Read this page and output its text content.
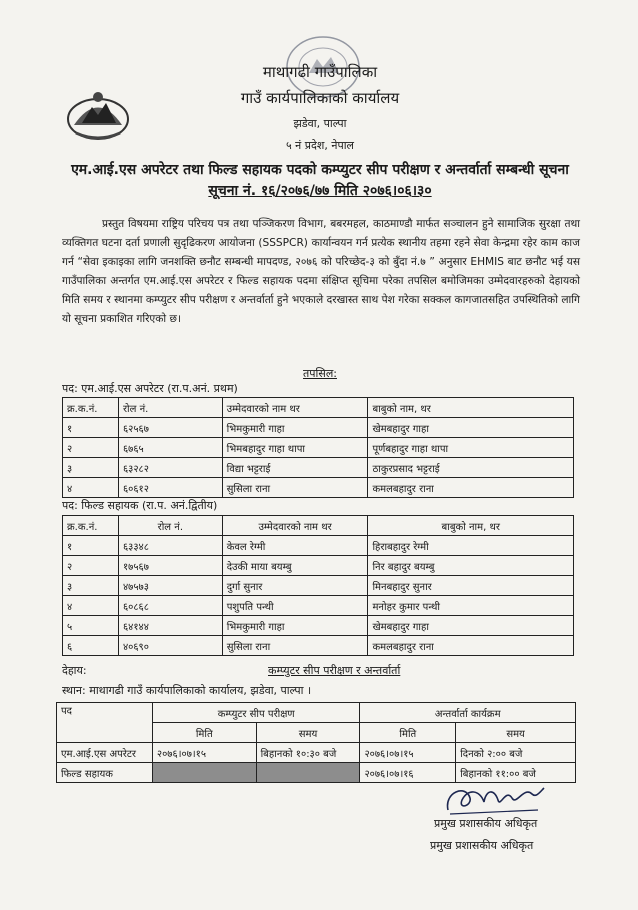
माथागढी गाउँपालिका
गाउँ कार्यपालिकाको कार्यालय
झडेवा, पाल्पा
५ नं प्रदेश, नेपाल
एम.आई.एस अपरेटर तथा फिल्ड सहायक पदको कम्प्युटर सीप परीक्षण र अन्तर्वार्ता सम्बन्धी सूचना
सूचना नं. १६/२०७६/७७ मिति २०७६।०६।३०

प्रस्तुत विषयमा राष्ट्रिय परिचय पत्र तथा पञ्जिकरण विभाग, बबरमहल, काठमाण्डौ मार्फत सञ्चालन हुने सामाजिक सुरक्षा तथा व्यक्तिगत घटना दर्ता प्रणाली सुदृढिकरण आयोजना (SSSPCR) कार्यान्वयन गर्न प्रत्येक स्थानीय तहमा रहने सेवा केन्द्रमा रहेर काम काज गर्न “सेवा इकाइका लागि जनशक्ति छनौट सम्बन्धी मापदण्ड, २०७६ को परिच्छेद-३ को बुँदा नं.७ ” अनुसार EHMIS बाट छनौट भई यस गाउँपालिका अन्तर्गत एम.आई.एस अपरेटर र फिल्ड सहायक पदमा संक्षिप्त सूचिमा परेका तपसिल बमोजिमका उम्मेदवारहरुको देहायको मिति समय र स्थानमा कम्प्युटर सीप परीक्षण र अन्तर्वार्ता हुने भएकाले दरखास्त साथ पेश गरेका सक्कल कागजातसहित उपस्थितिको लागि यो सूचना प्रकाशित गरिएको छ।

तपसिल:
पद: एम.आई.एस अपरेटर (रा.प.अनं. प्रथम)
क्र.क.नं.	रोल नं.	उम्मेदवारको नाम थर	बाबुको नाम, थर
१	६२५६७	भिमकुमारी गाहा	खेमबहादुर गाहा
२	६७६५	भिमबहादुर गाहा थापा	पूर्णबहादुर गाहा थापा
३	६३२८२	विद्या भट्टराई	ठाकुरप्रसाद भट्टराई
४	६०६१२	सुसिला राना	कमलबहादुर राना
पद: फिल्ड सहायक (रा.प. अनं.द्वितीय)
क्र.क.नं.	रोल नं.	उम्मेदवारको नाम थर	बाबुको नाम, थर
१	६३३४८	केवल रेग्मी	हिराबहादुर रेग्मी
२	१७५६७	देउकी माया बयम्बु	निर बहादुर बयम्बु
३	४७५७३	दुर्गा सुनार	मिनबहादुर सुनार
४	६०८६८	पशुपति पन्थी	मनोहर कुमार पन्थी
५	६४१४४	भिमकुमारी गाहा	खेमबहादुर गाहा
६	४०६९०	सुसिला राना	कमलबहादुर राना
देहाय:	कम्प्युटर सीप परीक्षण र अन्तर्वार्ता
स्थान: माथागढी गाउँ कार्यपालिकाको कार्यालय, झडेवा, पाल्पा ।
पद	कम्प्युटर सीप परीक्षण		अन्तर्वार्ता कार्यक्रम	
	मिति	समय	मिति	समय
एम.आई.एस अपरेटर	२०७६।०७।१५	बिहानको १०:३० बजे	२०७६।०७।१५	दिनको २:०० बजे
फिल्ड सहायक			२०७६।०७।१६	बिहानको ११:०० बजे
प्रमुख प्रशासकीय अधिकृत
प्रमुख प्रशासकीय अधिकृत
